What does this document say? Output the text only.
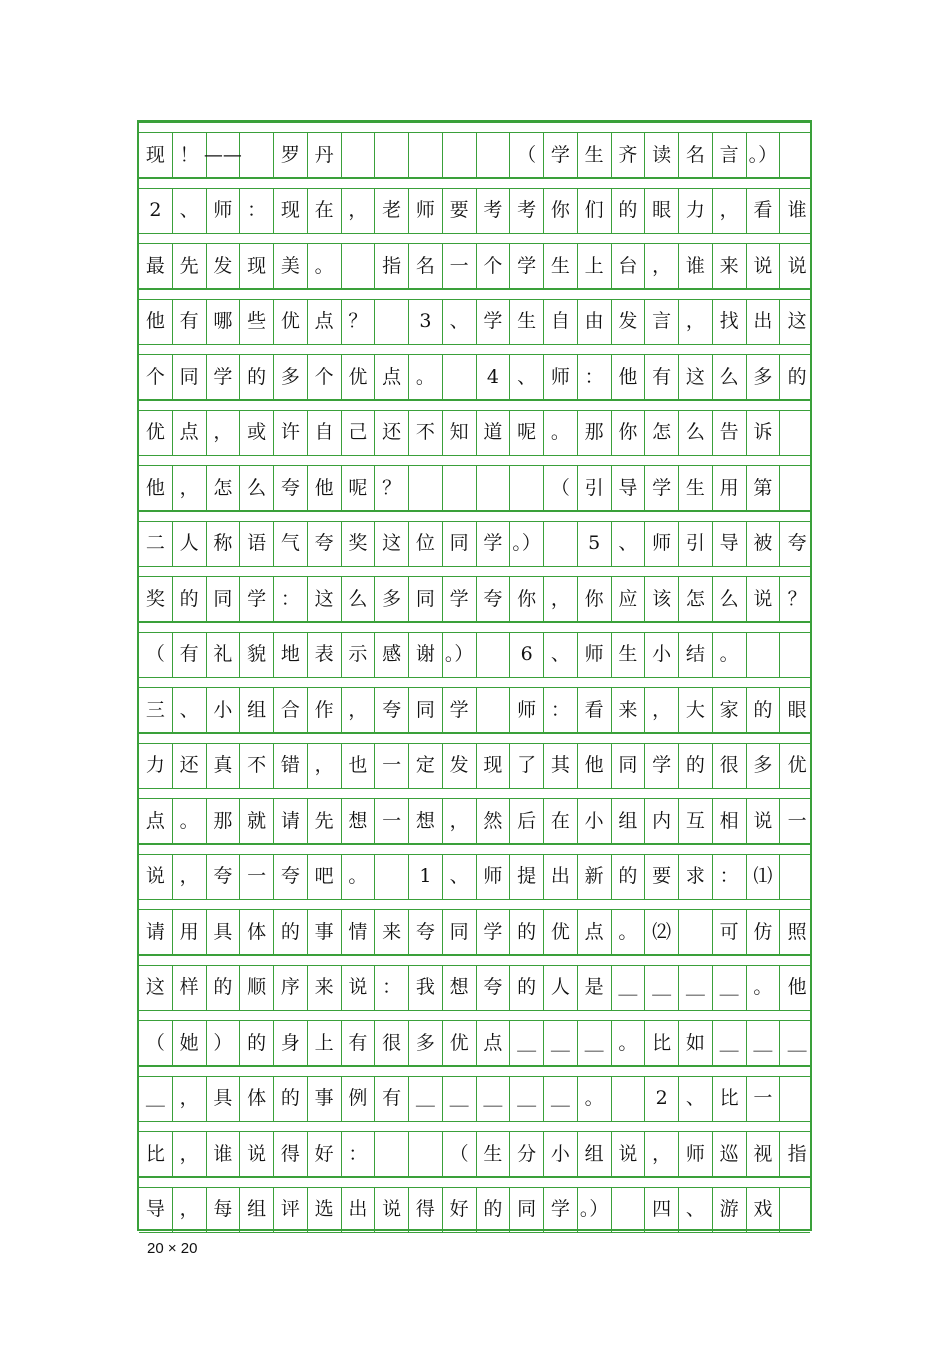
现 ！ ——	罗 丹	（ 学 生 齐 读 名 言 。）
2 、 师 ： 现 在 ， 老 师 要 考 考 你 们 的 眼 力 ， 看 谁
最 先 发 现 美 。	指 名 一 个 学 生 上 台 ， 谁 来 说 说
他 有 哪 些 优 点 ？	3 、 学 生 自 由 发 言 ， 找 出 这
个 同 学 的 多 个 优 点 。	4 、 师 ： 他 有 这 么 多 的
优 点 ， 或 许 自 己 还 不 知 道 呢 。 那 你 怎 么 告 诉
他 ， 怎 么 夸 他 呢 ？	（ 引 导 学 生 用 第
二 人 称 语 气 夸 奖 这 位 同 学 。）	5 、 师 引 导 被 夸
奖 的 同 学 ： 这 么 多 同 学 夸 你 ， 你 应 该 怎 么 说 ？
（ 有 礼 貌 地 表 示 感 谢 。）	6 、 师 生 小 结 。
三 、 小 组 合 作 ， 夸 同 学	师 ： 看 来 ， 大 家 的 眼
力 还 真 不 错 ， 也 一 定 发 现 了 其 他 同 学 的 很 多 优
点 。 那 就 请 先 想 一 想 ， 然 后 在 小 组 内 互 相 说 一
说 ， 夸 一 夸 吧 。	1 、 师 提 出 新 的 要 求 ： ⑴
请 用 具 体 的 事 情 来 夸 同 学 的 优 点 。 ⑵	可 仿 照
这 样 的 顺 序 来 说 ： 我 想 夸 的 人 是 ＿ ＿ ＿ ＿ 。 他
（ 她 ） 的 身 上 有 很 多 优 点 ＿ ＿ ＿ 。 比 如 ＿ ＿ ＿
＿ ， 具 体 的 事 例 有 ＿ ＿ ＿ ＿ ＿ 。	2 、 比 一
比 ， 谁 说 得 好 ：	（ 生 分 小 组 说 ， 师 巡 视 指
导 ， 每 组 评 选 出 说 得 好 的 同 学 。）	四 、 游 戏
20 × 20
